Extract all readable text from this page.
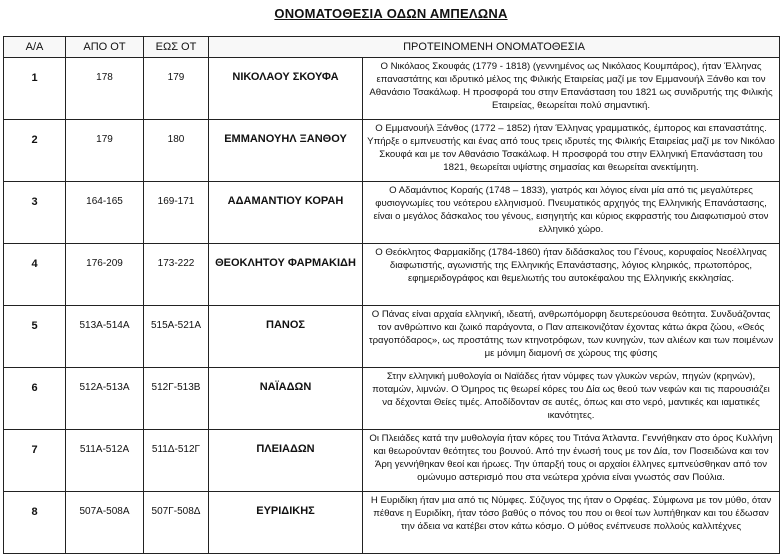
ΟΝΟΜΑΤΟΘΕΣΙΑ ΟΔΩΝ ΑΜΠΕΛΩΝΑ
Α/Α	ΑΠΟ ΟΤ	ΕΩΣ ΟΤ	ΠΡΟΤΕΙΝΟΜΕΝΗ ΟΝΟΜΑΤΟΘΕΣΙΑ	
1	178	179	ΝΙΚΟΛΑΟΥ ΣΚΟΥΦΑ	Ο Νικόλαος Σκουφάς (1779 - 1818) (γεννημένος ως Νικόλαος Κουμπάρος), ήταν Έλληνας επαναστάτης και ιδρυτικό μέλος της Φιλικής Εταιρείας μαζί με τον Εμμανουήλ Ξάνθο και τον Αθανάσιο Τσακάλωφ. Η προσφορά του στην Επανάσταση του 1821 ως συνιδρυτής της Φιλικής Εταιρείας, θεωρείται πολύ σημαντική.
2	179	180	ΕΜΜΑΝΟΥΗΛ ΞΑΝΘΟΥ	Ο Εμμανουήλ Ξάνθος (1772 – 1852) ήταν Έλληνας γραμματικός, έμπορος και επαναστάτης. Υπήρξε ο εμπνευστής και ένας από τους τρεις ιδρυτές της Φιλικής Εταιρείας μαζί με τον Νικόλαο Σκουφά και με τον Αθανάσιο Τσακάλωφ. Η προσφορά του στην Ελληνική Επανάσταση του 1821, θεωρείται υψίστης σημασίας και θεωρείται ανεκτίμητη.
3	164-165	169-171	ΑΔΑΜΑΝΤΙΟΥ ΚΟΡΑΗ	Ο Αδαμάντιος Κοραής (1748 – 1833), γιατρός και λόγιος είναι μία από τις μεγαλύτερες φυσιογνωμίες του νεότερου ελληνισμού. Πνευματικός αρχηγός της Ελληνικής Επανάστασης, είναι ο μεγάλος δάσκαλος του γένους, εισηγητής και κύριος εκφραστής του Διαφωτισμού στον ελληνικό χώρο.
4	176-209	173-222	ΘΕΟΚΛΗΤΟΥ ΦΑΡΜΑΚΙΔΗ	Ο Θεόκλητος Φαρμακίδης (1784-1860) ήταν διδάσκαλος του Γένους, κορυφαίος Νεοέλληνας διαφωτιστής, αγωνιστής της Ελληνικής Επανάστασης, λόγιος κληρικός, πρωτοπόρος, εφημεριδογράφος και θεμελιωτής του αυτοκέφαλου της Ελληνικής εκκλησίας.
5	513Α-514Α	515Α-521Α	ΠΑΝΟΣ	Ο Πάνας είναι αρχαία ελληνική, ιδεατή, ανθρωπόμορφη δευτερεύουσα θεότητα. Συνδυάζοντας τον ανθρώπινο και ζωικό παράγοντα, ο Παν απεικονιζόταν έχοντας κάτω άκρα ζώου, «Θεός τραγοπόδαρος», ως προστάτης των κτηνοτρόφων, των κυνηγών, των αλιέων και των ποιμένων με μόνιμη διαμονή σε χώρους της φύσης
6	512Α-513Α	512Γ-513Β	ΝΑΪΑΔΩΝ	Στην ελληνική μυθολογία οι Ναϊάδες ήταν νύμφες των γλυκών νερών, πηγών (κρηνών), ποταμών, λιμνών. Ο Όμηρος τις θεωρεί κόρες του Δία ως θεού των νεφών και τις παρουσιάζει να δέχονται Θείες τιμές. Αποδίδονταν σε αυτές, όπως και στο νερό, μαντικές και ιαματικές ικανότητες.
7	511Α-512Α	511Δ-512Γ	ΠΛΕΙΑΔΩΝ	Οι Πλειάδες κατά την μυθολογία ήταν κόρες του Τιτάνα Άτλαντα. Γεννήθηκαν στο όρος Κυλλήνη και θεωρούνταν θεότητες του βουνού. Από την ένωσή τους με τον Δία, τον Ποσειδώνα και τον Άρη γεννήθηκαν θεοί και ήρωες. Την ύπαρξή τους οι αρχαίοι έλληνες εμπνεύσθηκαν από τον ομώνυμο αστερισμό που στα νεώτερα χρόνια είναι γνωστός σαν Πούλια.
8	507Α-508Α	507Γ-508Δ	ΕΥΡΙΔΙΚΗΣ	Η Ευριδίκη ήταν μια από τις Νύμφες. Σύζυγος της ήταν ο Ορφέας. Σύμφωνα με τον μύθο, όταν πέθανε η Ευριδίκη, ήταν τόσο βαθύς ο πόνος του που οι θεοί των λυπήθηκαν και του έδωσαν την άδεια να κατέβει στον κάτω κόσμο. Ο μύθος ενέπνευσε πολλούς καλλιτέχνες
